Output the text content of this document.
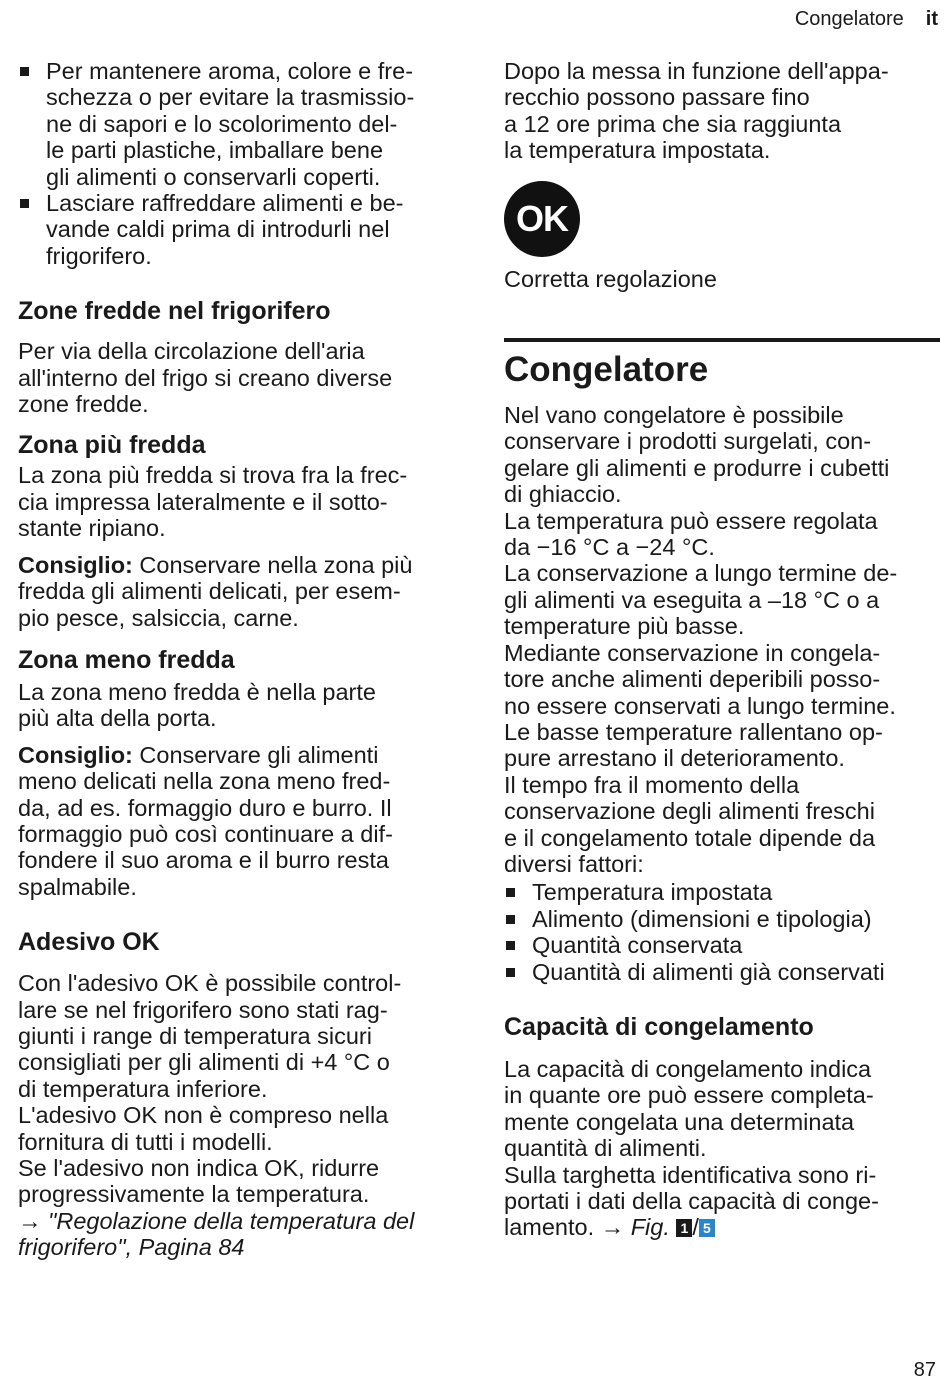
Congelatore it
Per mantenere aroma, colore e fre-
schezza o per evitare la trasmissio-
ne di sapori e lo scolorimento del-
le parti plastiche, imballare bene
gli alimenti o conservarli coperti.
Lasciare raffreddare alimenti e be-
vande caldi prima di introdurli nel
frigorifero.
Zone fredde nel frigorifero

Per via della circolazione dell'aria
all'interno del frigo si creano diverse
zone fredde.

Zona più fredda

La zona più fredda si trova fra la frec-
cia impressa lateralmente e il sotto-
stante ripiano.

Consiglio: Conservare nella zona più
fredda gli alimenti delicati, per esem-
pio pesce, salsiccia, carne.

Zona meno fredda

La zona meno fredda è nella parte
più alta della porta.

Consiglio: Conservare gli alimenti
meno delicati nella zona meno fred-
da, ad es. formaggio duro e burro. Il
formaggio può così continuare a dif-
fondere il suo aroma e il burro resta
spalmabile.

Adesivo OK

Con l'adesivo OK è possibile control-
lare se nel frigorifero sono stati rag-
giunti i range di temperatura sicuri
consigliati per gli alimenti di +4 °C o
di temperatura inferiore.
L'adesivo OK non è compreso nella
fornitura di tutti i modelli.
Se l'adesivo non indica OK, ridurre
progressivamente la temperatura.
→ "Regolazione della temperatura del
frigorifero", Pagina 84

Dopo la messa in funzione dell'appa-
recchio possono passare fino
a 12 ore prima che sia raggiunta
la temperatura impostata.

OK

Corretta regolazione

Congelatore

Nel vano congelatore è possibile
conservare i prodotti surgelati, con-
gelare gli alimenti e produrre i cubetti
di ghiaccio.
La temperatura può essere regolata
da −16 °C a −24 °C.
La conservazione a lungo termine de-
gli alimenti va eseguita a –18 °C o a
temperature più basse.
Mediante conservazione in congela-
tore anche alimenti deperibili posso-
no essere conservati a lungo termine.
Le basse temperature rallentano op-
pure arrestano il deterioramento.
Il tempo fra il momento della
conservazione degli alimenti freschi
e il congelamento totale dipende da
diversi fattori:

Temperatura impostata
Alimento (dimensioni e tipologia)
Quantità conservata
Quantità di alimenti già conservati
Capacità di congelamento

La capacità di congelamento indica
in quante ore può essere completa-
mente congelata una determinata
quantità di alimenti.
Sulla targhetta identificativa sono ri-
portati i dati della capacità di conge-
lamento. → Fig. 1 / 5

87
